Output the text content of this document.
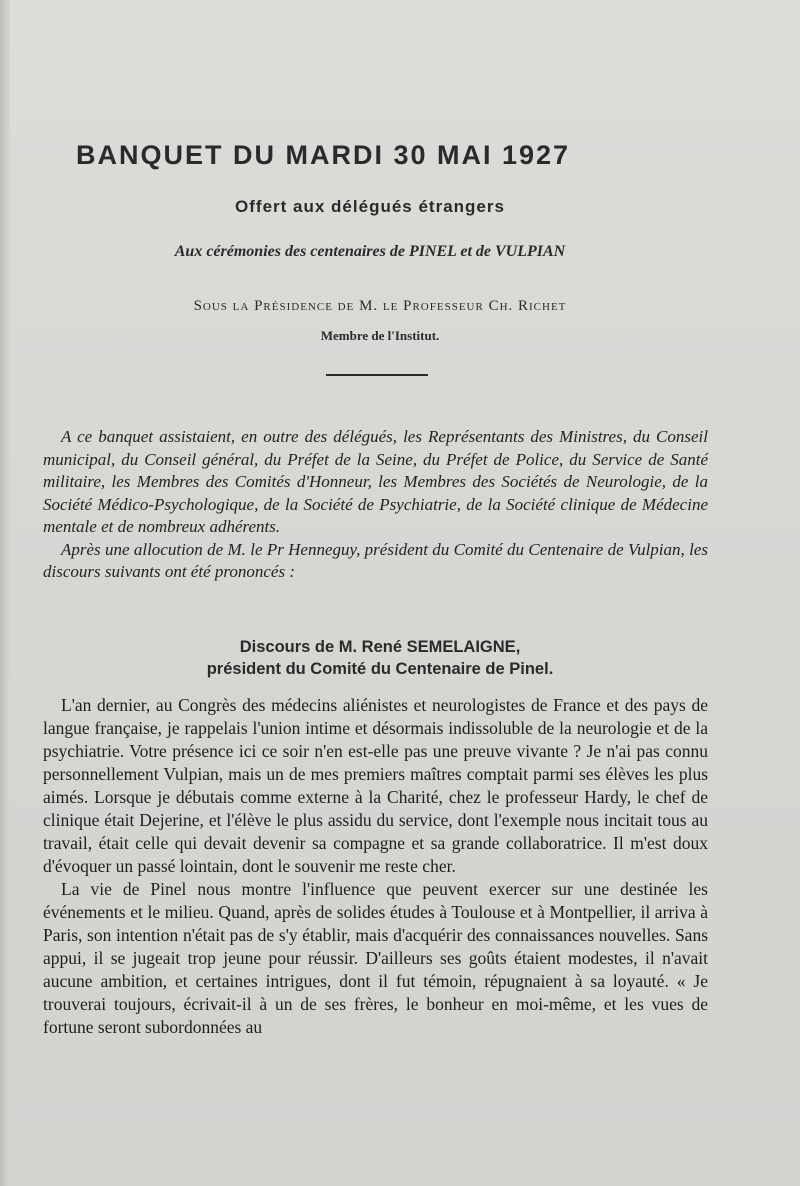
BANQUET DU MARDI 30 MAI 1927
Offert aux délégués étrangers
Aux cérémonies des centenaires de PINEL et de VULPIAN
Sous la Présidence de M. le Professeur Ch. Richet
Membre de l'Institut.

A ce banquet assistaient, en outre des délégués, les Représentants des Ministres, du Conseil municipal, du Conseil général, du Préfet de la Seine, du Préfet de Police, du Service de Santé militaire, les Membres des Comités d'Honneur, les Membres des Sociétés de Neurologie, de la Société Médico-Psychologique, de la Société de Psychiatrie, de la Société clinique de Médecine mentale et de nombreux adhérents.

Après une allocution de M. le Pr Henneguy, président du Comité du Centenaire de Vulpian, les discours suivants ont été prononcés :

Discours de M. René SEMELAIGNE,
président du Comité du Centenaire de Pinel.

L'an dernier, au Congrès des médecins aliénistes et neurologistes de France et des pays de langue française, je rappelais l'union intime et désormais indissoluble de la neurologie et de la psychiatrie. Votre présence ici ce soir n'en est-elle pas une preuve vivante ? Je n'ai pas connu personnellement Vulpian, mais un de mes premiers maîtres comptait parmi ses élèves les plus aimés. Lorsque je débutais comme externe à la Charité, chez le professeur Hardy, le chef de clinique était Dejerine, et l'élève le plus assidu du service, dont l'exemple nous incitait tous au travail, était celle qui devait devenir sa compagne et sa grande collaboratrice. Il m'est doux d'évoquer un passé lointain, dont le souvenir me reste cher.

La vie de Pinel nous montre l'influence que peuvent exercer sur une destinée les événements et le milieu. Quand, après de solides études à Toulouse et à Montpellier, il arriva à Paris, son intention n'était pas de s'y établir, mais d'acquérir des connaissances nouvelles. Sans appui, il se jugeait trop jeune pour réussir. D'ailleurs ses goûts étaient modestes, il n'avait aucune ambition, et certaines intrigues, dont il fut témoin, répugnaient à sa loyauté. « Je trouverai toujours, écrivait-il à un de ses frères, le bonheur en moi-même, et les vues de fortune seront subordonnées au
